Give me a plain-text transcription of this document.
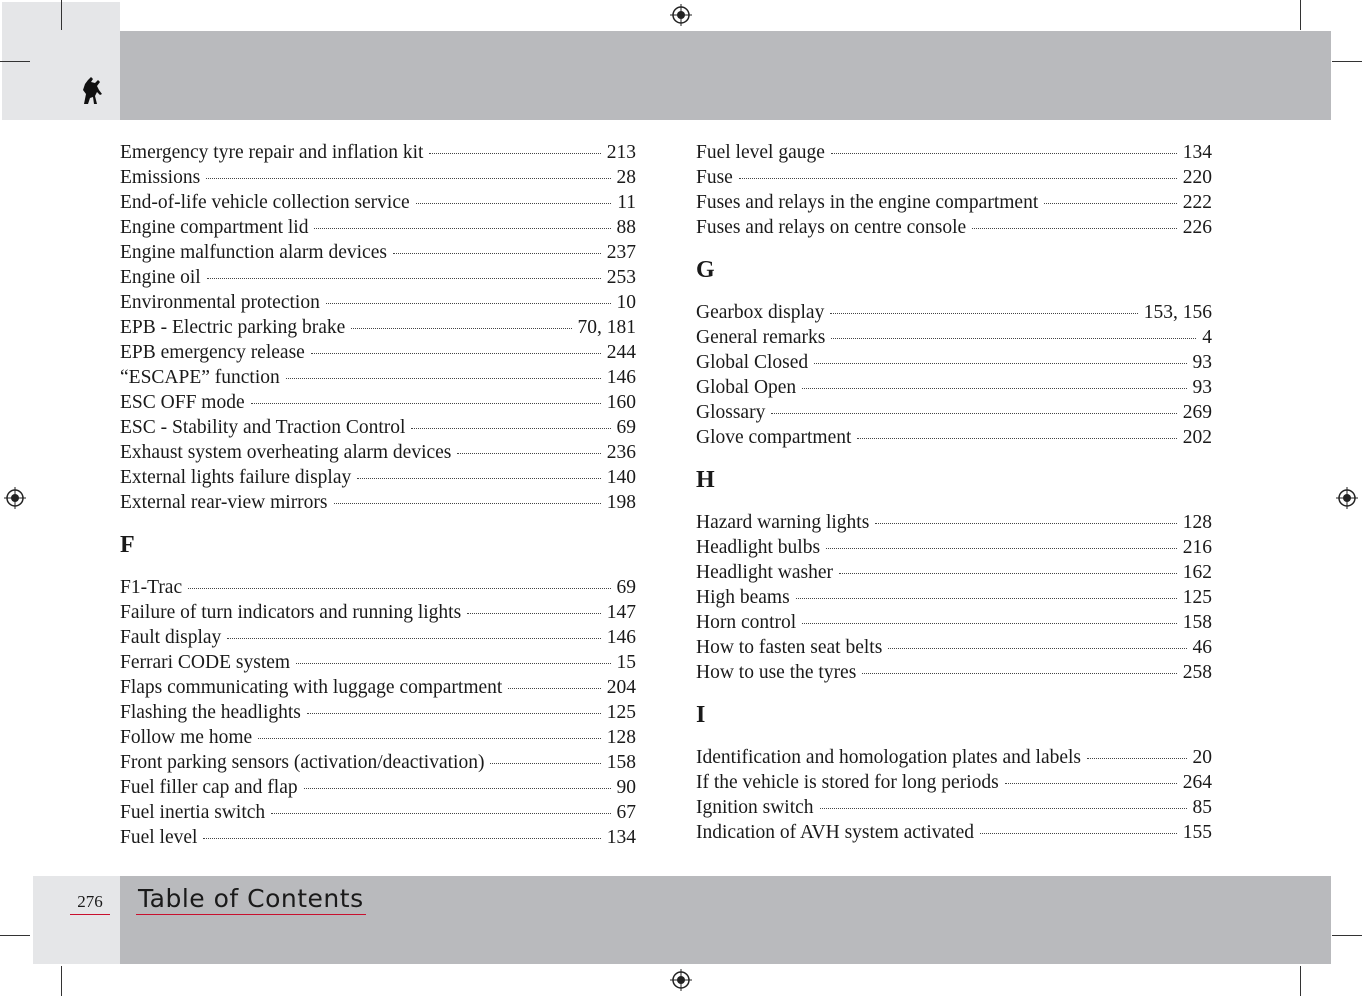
Emergency tyre repair and inflation kit	213
Emissions	28
End-of-life vehicle collection service	11
Engine compartment lid	88
Engine malfunction alarm devices	237
Engine oil	253
Environmental protection	10
EPB - Electric parking brake	70, 181
EPB emergency release	244
“ESCAPE” function	146
ESC OFF mode	160
ESC - Stability and Traction Control	69
Exhaust system overheating alarm devices	236
External lights failure display	140
External rear-view mirrors	198
F
F1-Trac	69
Failure of turn indicators and running lights	147
Fault display	146
Ferrari CODE system	15
Flaps communicating with luggage compartment	204
Flashing the headlights	125
Follow me home	128
Front parking sensors (activation/deactivation)	158
Fuel filler cap and flap	90
Fuel inertia switch	67
Fuel level	134
Fuel level gauge	134
Fuse	220
Fuses and relays in the engine compartment	222
Fuses and relays on centre console	226
G
Gearbox display	153, 156
General remarks	4
Global Closed	93
Global Open	93
Glossary	269
Glove compartment	202
H
Hazard warning lights	128
Headlight bulbs	216
Headlight washer	162
High beams	125
Horn control	158
How to fasten seat belts	46
How to use the tyres	258
I
Identification and homologation plates and labels	20
If the vehicle is stored for long periods	264
Ignition switch	85
Indication of AVH system activated	155
276 Table of Contents
